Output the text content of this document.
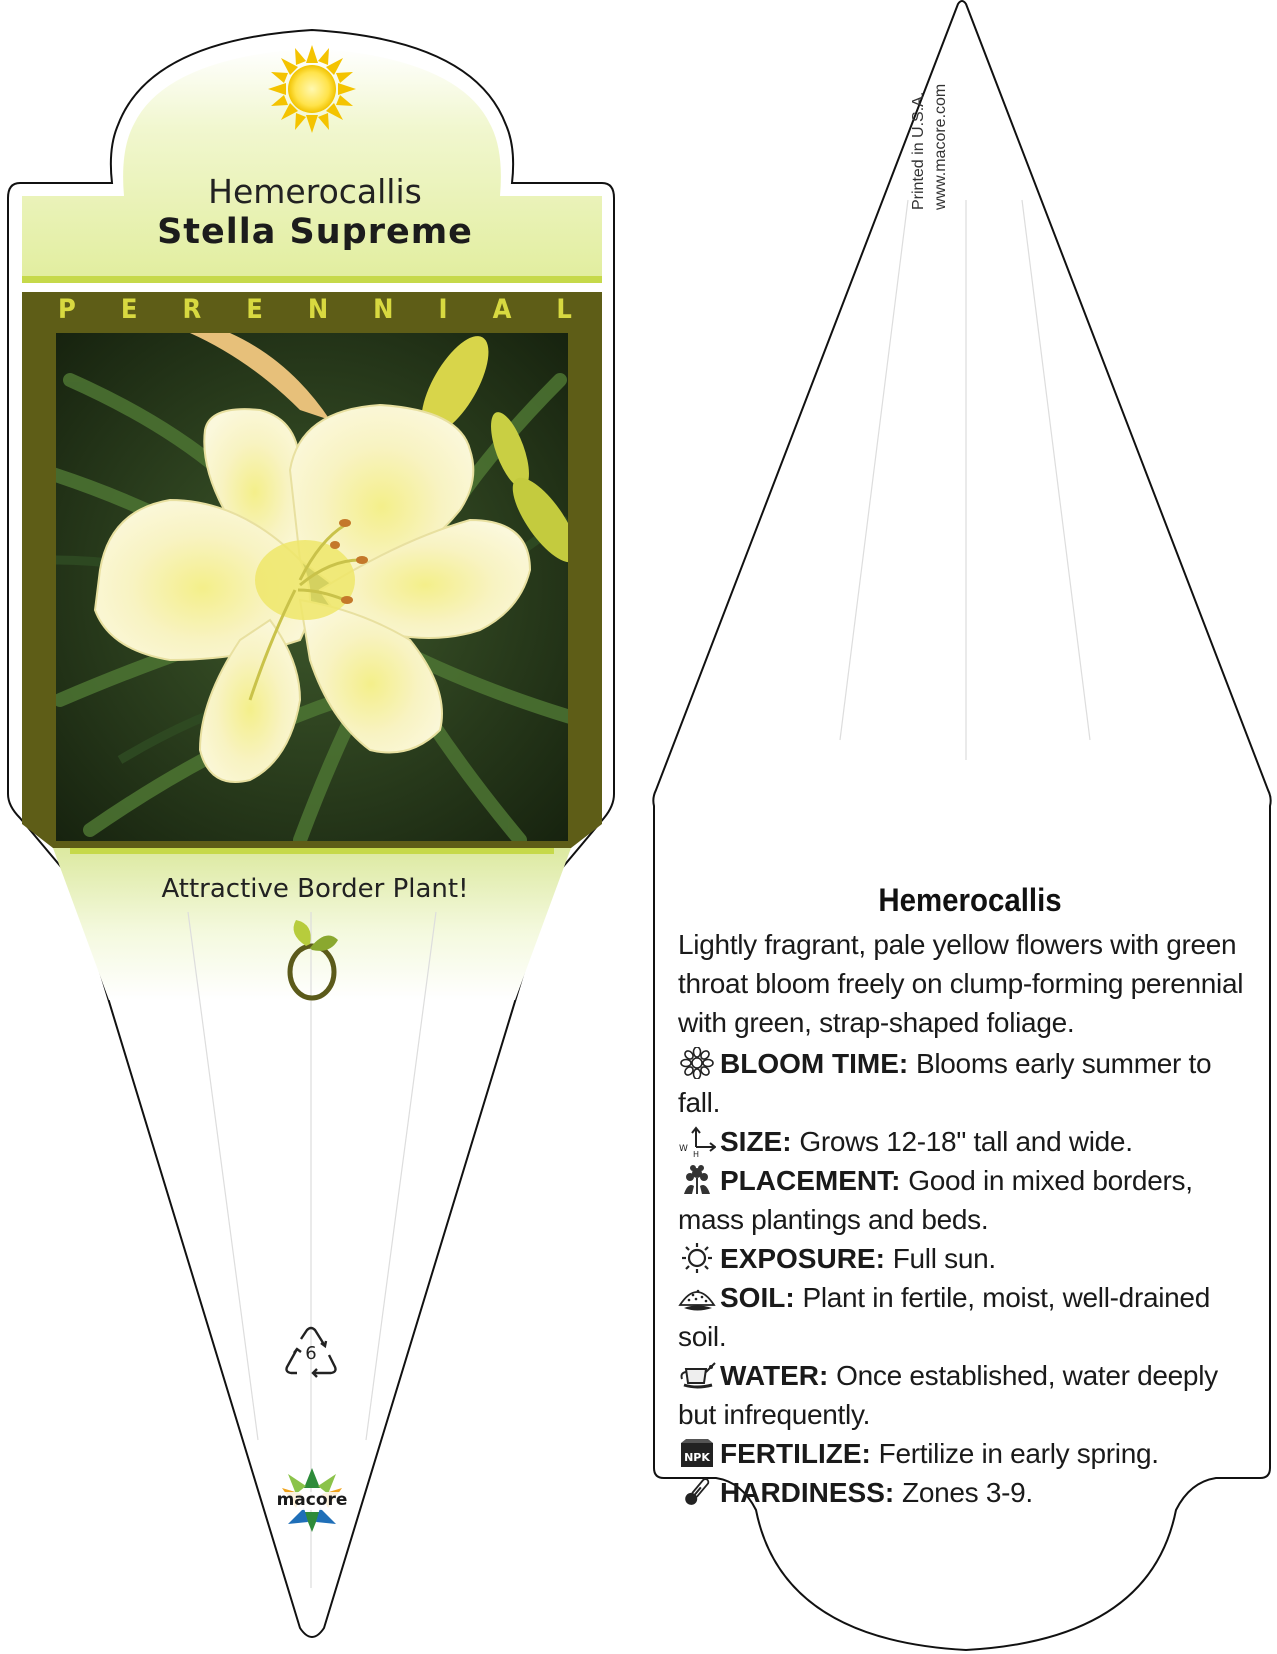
Hemerocallis
Stella Supreme
P E R E N N I A L
Attractive Border Plant!
6
macore
Printed in U.S.A. www.macore.com
Hemerocallis

Lightly fragrant, pale yellow flowers with green throat bloom freely on clump-forming perennial with green, strap-shaped foliage.

BLOOM TIME: Blooms early summer to fall.

W
H SIZE: Grows 12-18" tall and wide.

PLACEMENT: Good in mixed borders, mass plantings and beds.

EXPOSURE: Full sun.

SOIL: Plant in fertile, moist, well-drained soil.

WATER: Once established, water deeply but infrequently.

NPK FERTILIZE: Fertilize in early spring.

HARDINESS: Zones 3-9.
